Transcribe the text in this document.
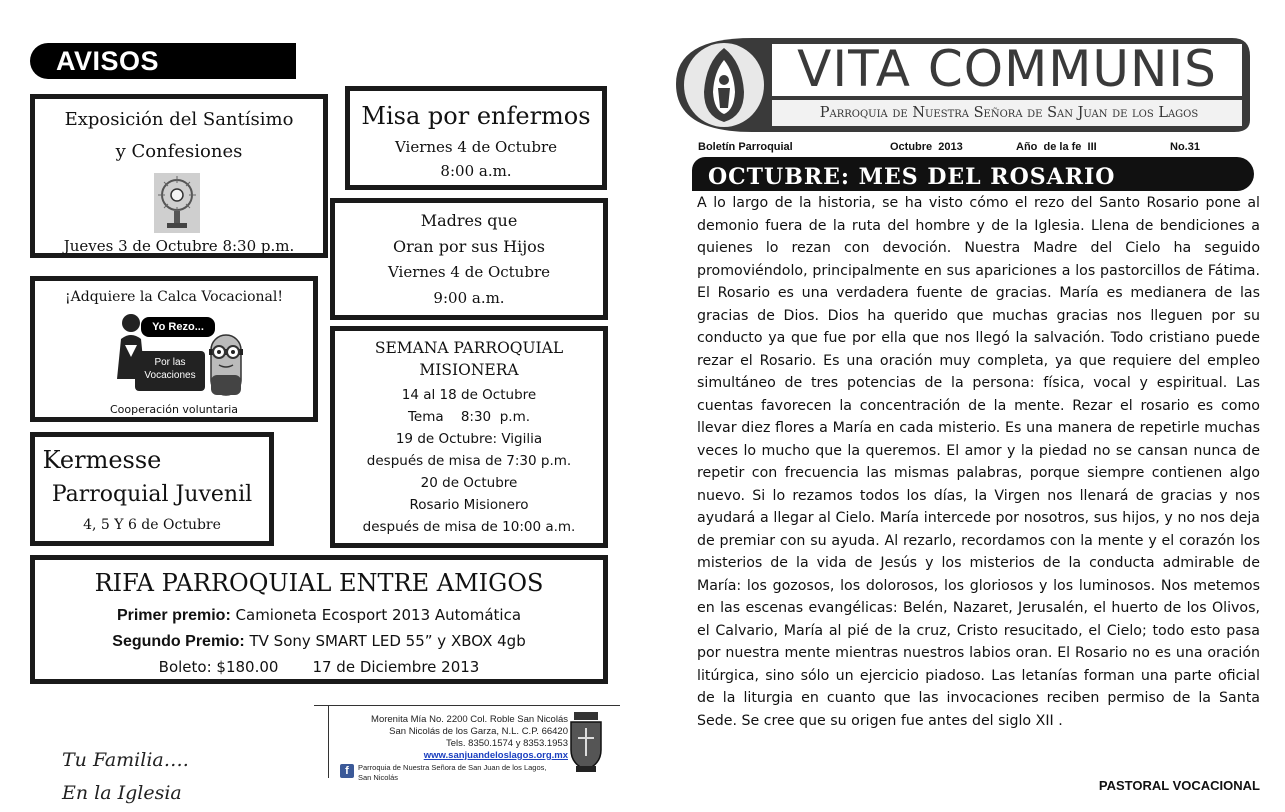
AVISOS
Exposición del Santísimo
y Confesiones
Jueves 3 de Octubre 8:30 p.m.
Misa por enfermos
Viernes 4 de Octubre
8:00 a.m.
Madres que
Oran por sus Hijos
Viernes 4 de Octubre
9:00 a.m.
¡Adquiere la Calca Vocacional!
Yo Rezo...
Por las
Vocaciones
Cooperación voluntaria
SEMANA PARROQUIAL
MISIONERA
14 al 18 de Octubre
Tema    8:30  p.m.
19 de Octubre: Vigilia
después de misa de 7:30 p.m.
20 de Octubre
Rosario Misionero
después de misa de 10:00 a.m.
Kermesse
Parroquial Juvenil
4, 5 Y 6 de Octubre
RIFA PARROQUIAL ENTRE AMIGOS
Primer premio: Camioneta Ecosport 2013 Automática
Segundo Premio: TV Sony SMART LED 55” y XBOX 4gb
Boleto: $180.00 17 de Diciembre 2013
Morenita Mía No. 2200 Col. Roble San Nicolás
San Nicolás de los Garza, N.L. C.P. 66420
Tels. 8350.1574 y 8353.1953
www.sanjuandeloslagos.org.mx
f	Parroquia de Nuestra Señora de San Juan de los Lagos, San Nicolás
Tu Familia….
En la Iglesia
VITA COMMUNIS
Parroquia de Nuestra Señora de San Juan de los Lagos
Boletín Parroquial	Octubre  2013	Año  de la fe  III	No.31
OCTUBRE: MES DEL ROSARIO
A lo largo de la historia, se ha visto cómo el rezo del Santo Rosario pone al demonio fuera de la ruta del hombre y de la Iglesia. Llena de bendiciones a quienes lo rezan con devoción. Nuestra Madre del Cielo ha seguido promoviéndolo, principalmente en sus apariciones a los pastorcillos de Fátima. El Rosario es una verdadera fuente de gracias. María es medianera de las gracias de Dios. Dios ha querido que muchas gracias nos lleguen por su conducto ya que fue por ella que nos llegó la salvación. Todo cristiano puede rezar el Rosario. Es una oración muy completa, ya que requiere del empleo simultáneo de tres potencias de la persona: física, vocal y espiritual. Las cuentas favorecen la concentración de la mente. Rezar el rosario es como llevar diez flores a María en cada misterio. Es una manera de repetirle muchas veces lo mucho que la queremos. El amor y la piedad no se cansan nunca de repetir con frecuencia las mismas palabras, porque siempre contienen algo nuevo. Si lo rezamos todos los días, la Virgen nos llenará de gracias y nos ayudará a llegar al Cielo. María intercede por nosotros, sus hijos, y no nos deja de premiar con su ayuda. Al rezarlo, recordamos con la mente y el corazón los misterios de la vida de Jesús y los misterios de la conducta admirable de María: los gozosos, los dolorosos, los gloriosos y los luminosos. Nos metemos en las escenas evangélicas: Belén, Nazaret, Jerusalén, el huerto de los Olivos, el Calvario, María al pié de la cruz, Cristo resucitado, el Cielo; todo esto pasa por nuestra mente mientras nuestros labios oran. El Rosario no es una oración litúrgica, sino sólo un ejercicio piadoso. Las letanías forman una parte oficial de la liturgia en cuanto que las invocaciones reciben permiso de la Santa Sede. Se cree que su origen fue antes del siglo XII .
PASTORAL VOCACIONAL
